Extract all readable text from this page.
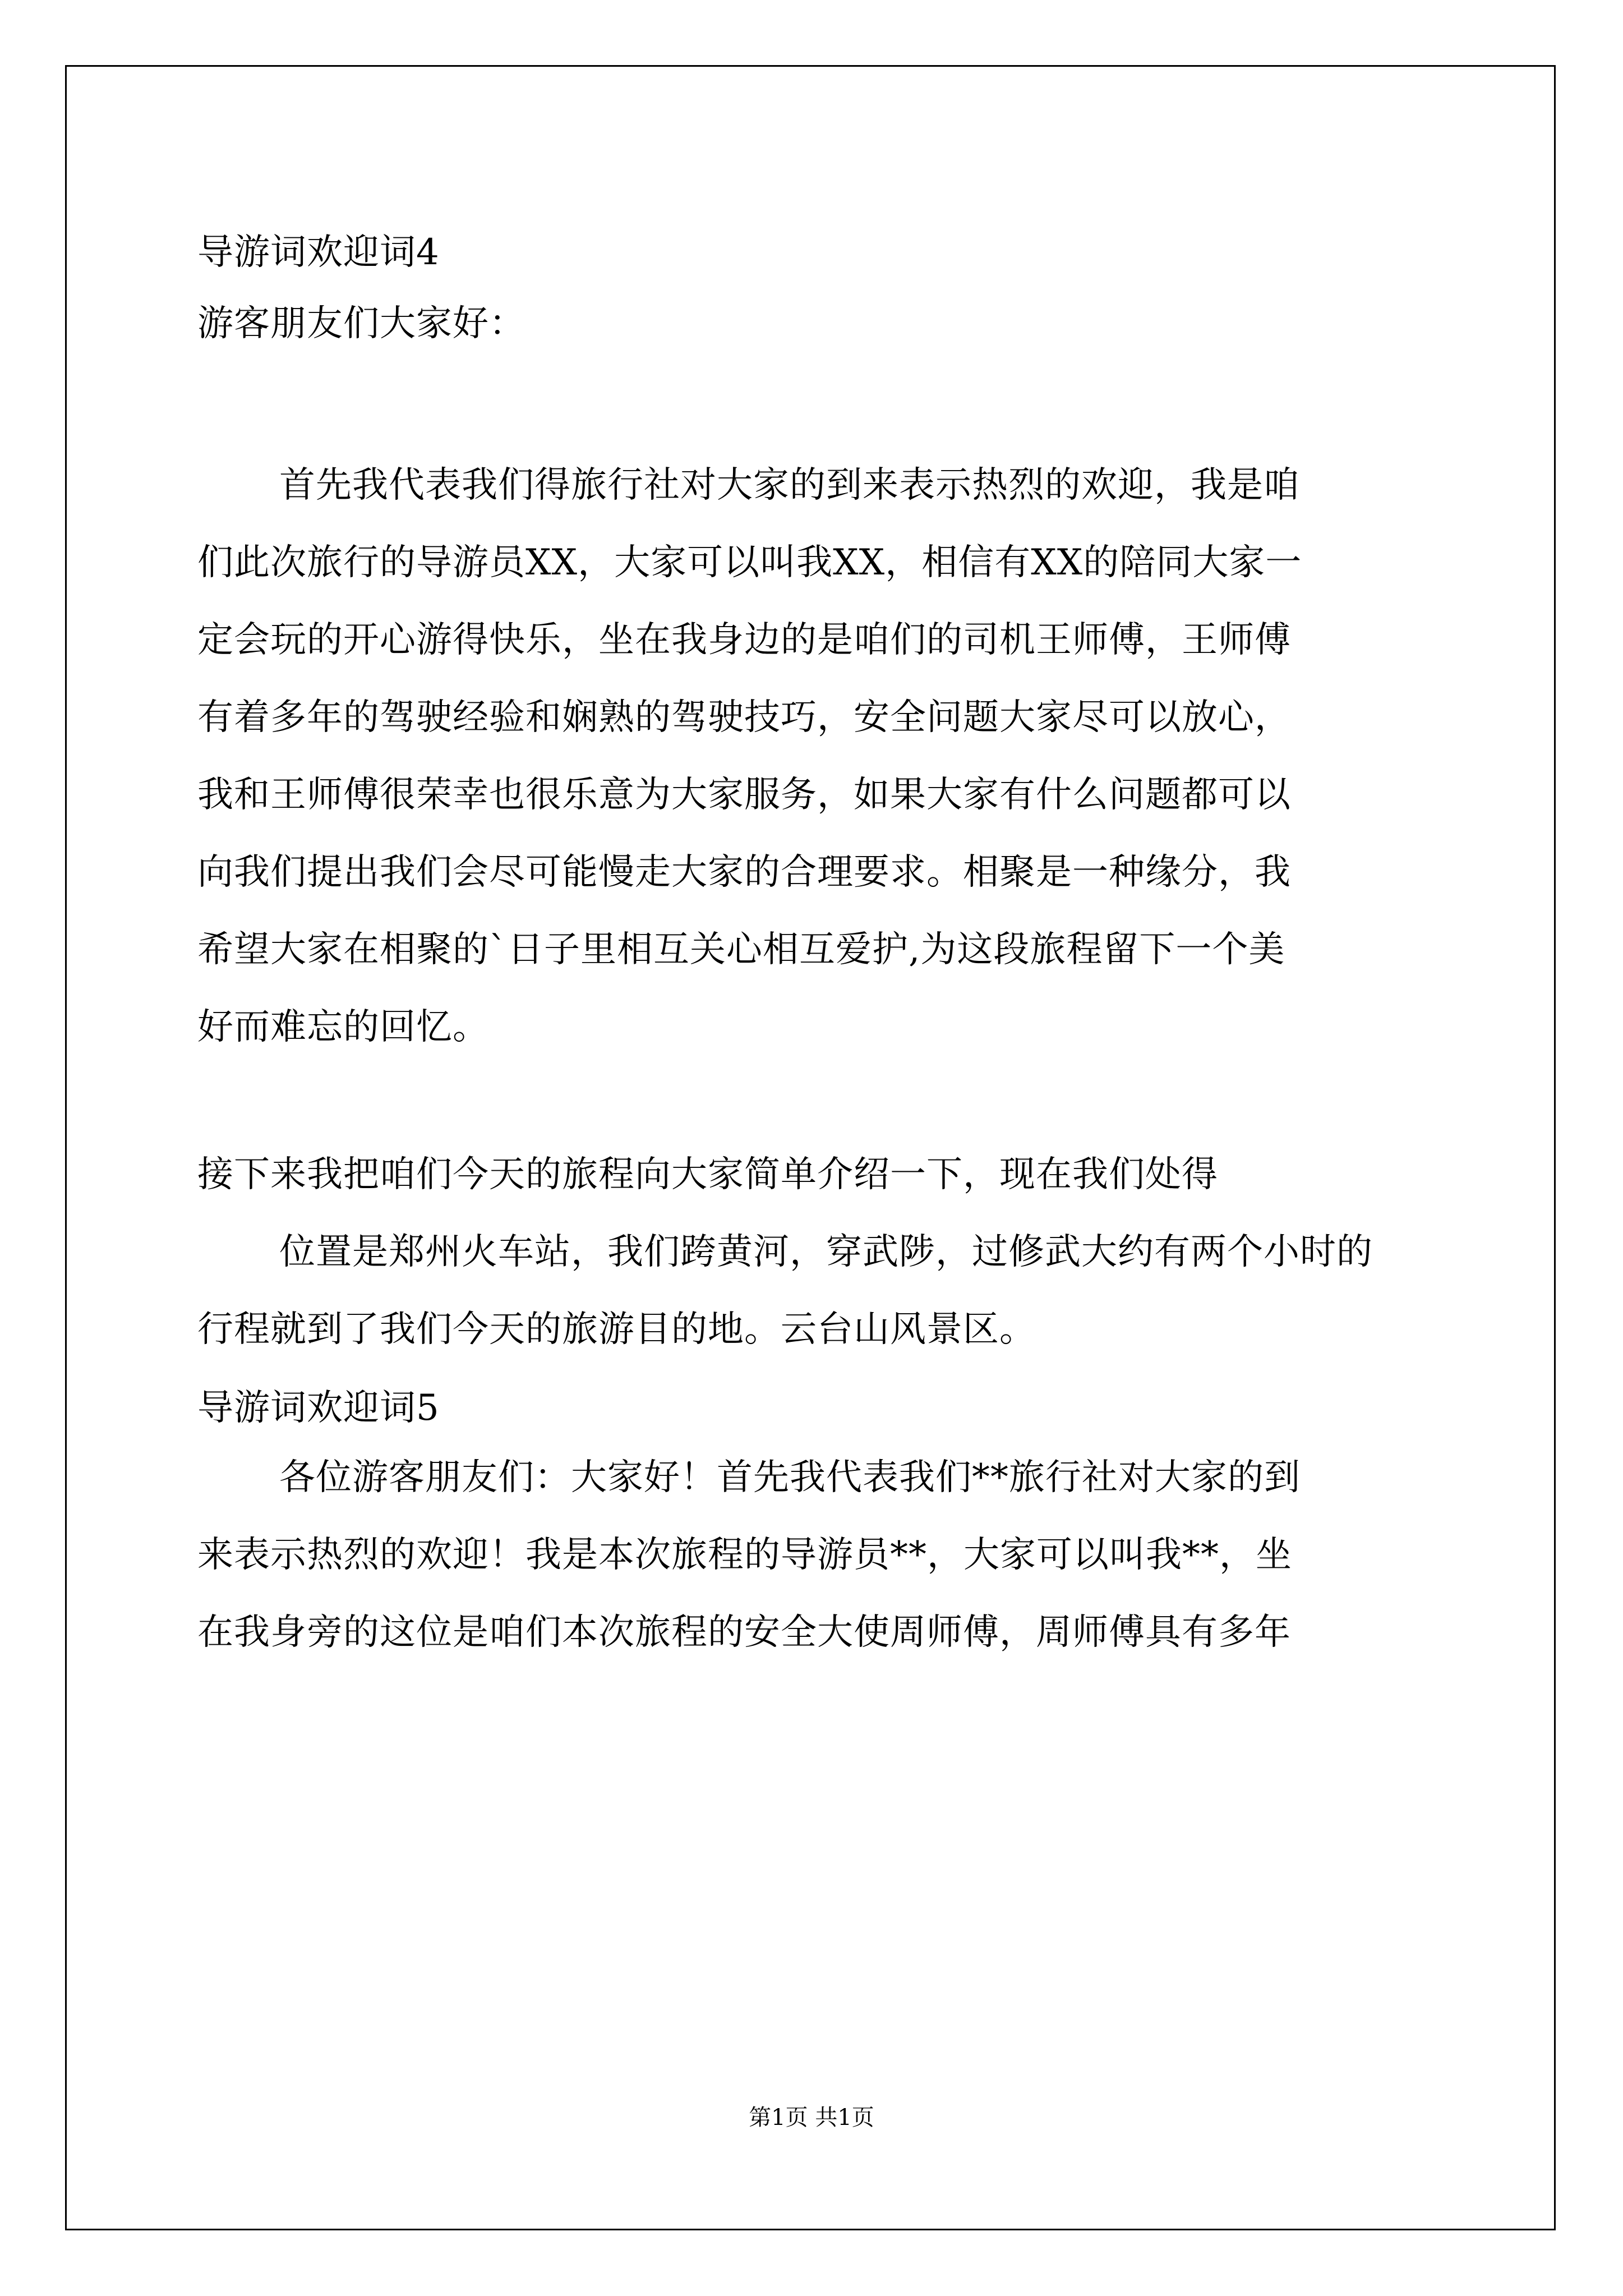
导游词欢迎词4
游客朋友们大家好：
首先我代表我们得旅行社对大家的到来表示热烈的欢迎，我是咱
们此次旅行的导游员XX，大家可以叫我XX，相信有XX的陪同大家一
定会玩的开心游得快乐，坐在我身边的是咱们的司机王师傅，王师傅
有着多年的驾驶经验和娴熟的驾驶技巧，安全问题大家尽可以放心，
我和王师傅很荣幸也很乐意为大家服务，如果大家有什么问题都可以
向我们提出我们会尽可能慢走大家的合理要求。相聚是一种缘分，我
希望大家在相聚的`日子里相互关心相互爱护,为这段旅程留下一个美
好而难忘的回忆。
接下来我把咱们今天的旅程向大家简单介绍一下，现在我们处得
位置是郑州火车站，我们跨黄河，穿武陟，过修武大约有两个小时的
行程就到了我们今天的旅游目的地。云台山风景区。
导游词欢迎词5
各位游客朋友们：大家好！首先我代表我们**旅行社对大家的到
来表示热烈的欢迎！我是本次旅程的导游员**，大家可以叫我**，坐
在我身旁的这位是咱们本次旅程的安全大使周师傅，周师傅具有多年
第1页 共1页
